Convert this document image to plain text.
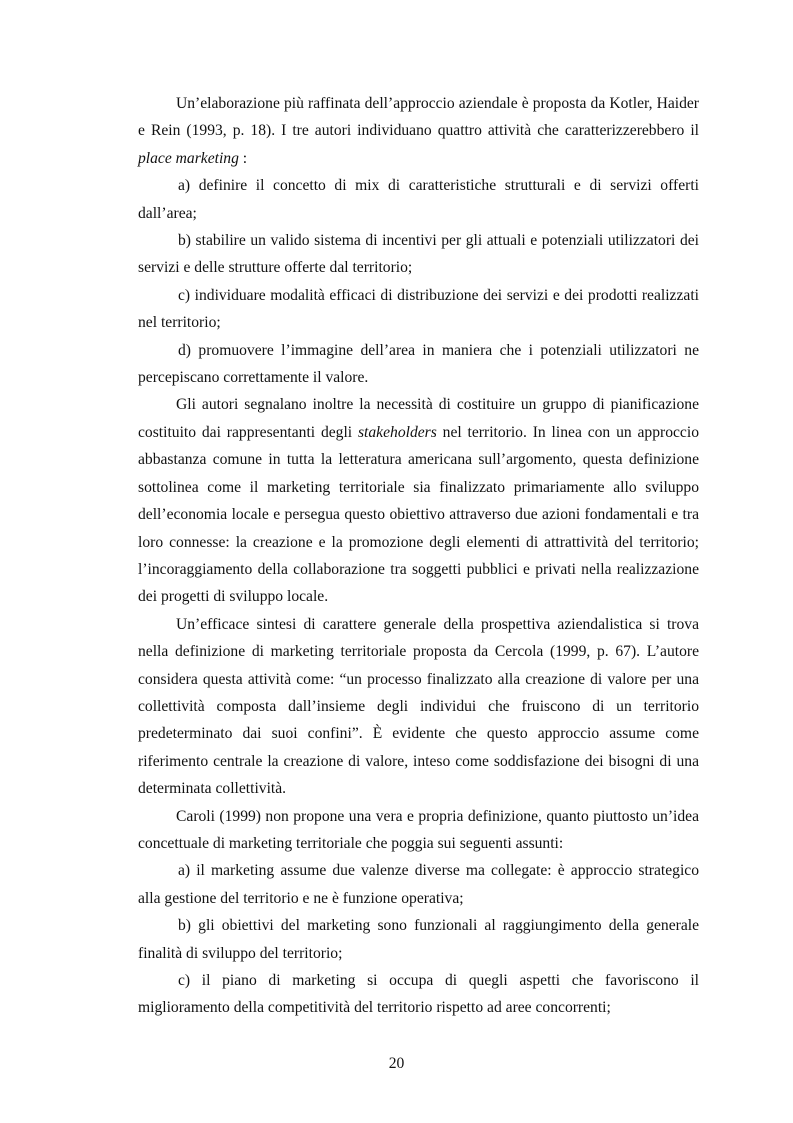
Un’elaborazione più raffinata dell’approccio aziendale è proposta da Kotler, Haider e Rein (1993, p. 18). I tre autori individuano quattro attività che caratterizzerebbero il place marketing :

a) definire il concetto di mix di caratteristiche strutturali e di servizi offerti dall’area;

b) stabilire un valido sistema di incentivi per gli attuali e potenziali utilizzatori dei servizi e delle strutture offerte dal territorio;

c) individuare modalità efficaci di distribuzione dei servizi e dei prodotti realizzati nel territorio;

d) promuovere l’immagine dell’area in maniera che i potenziali utilizzatori ne percepiscano correttamente il valore.

Gli autori segnalano inoltre la necessità di costituire un gruppo di pianificazione costituito dai rappresentanti degli stakeholders nel territorio. In linea con un approccio abbastanza comune in tutta la letteratura americana sull’argomento, questa definizione sottolinea come il marketing territoriale sia finalizzato primariamente allo sviluppo dell’economia locale e persegua questo obiettivo attraverso due azioni fondamentali e tra loro connesse: la creazione e la promozione degli elementi di attrattività del territorio; l’incoraggiamento della collaborazione tra soggetti pubblici e privati nella realizzazione dei progetti di sviluppo locale.

Un’efficace sintesi di carattere generale della prospettiva aziendalistica si trova nella definizione di marketing territoriale proposta da Cercola (1999, p. 67). L’autore considera questa attività come: “un processo finalizzato alla creazione di valore per una collettività composta dall’insieme degli individui che fruiscono di un territorio predeterminato dai suoi confini”. È evidente che questo approccio assume come riferimento centrale la creazione di valore, inteso come soddisfazione dei bisogni di una determinata collettività.

Caroli (1999) non propone una vera e propria definizione, quanto piuttosto un’idea concettuale di marketing territoriale che poggia sui seguenti assunti:

a) il marketing assume due valenze diverse ma collegate: è approccio strategico alla gestione del territorio e ne è funzione operativa;

b) gli obiettivi del marketing sono funzionali al raggiungimento della generale finalità di sviluppo del territorio;

c) il piano di marketing si occupa di quegli aspetti che favoriscono il miglioramento della competitività del territorio rispetto ad aree concorrenti;

20
